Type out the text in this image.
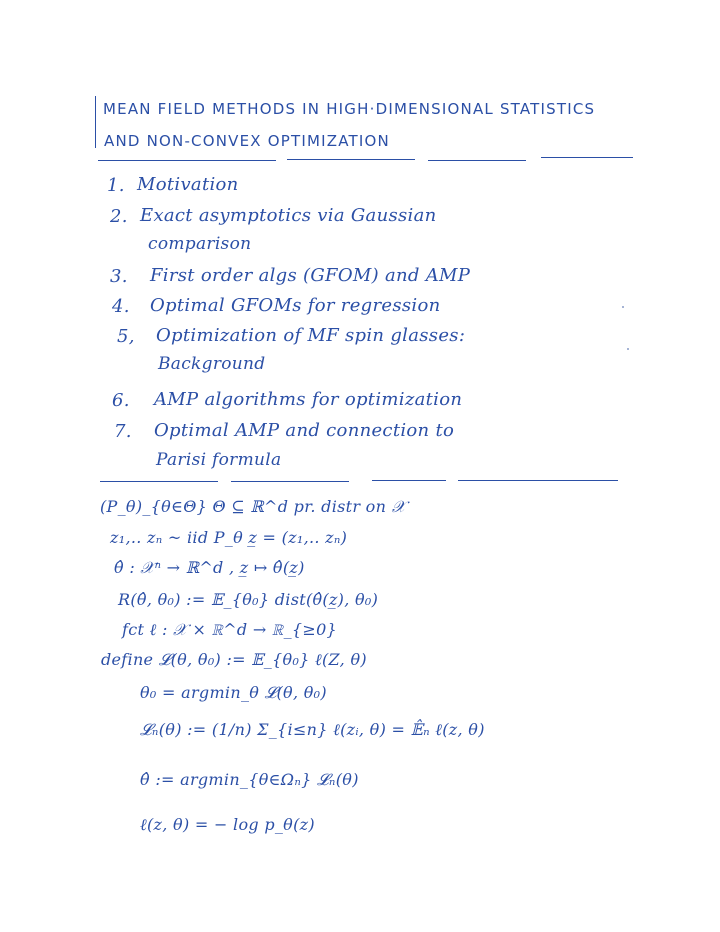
MEAN FIELD METHODS IN HIGH·DIMENSIONAL STATISTICS
AND NON-CONVEX OPTIMIZATION
1. Motivation
2. Exact asymptotics via Gaussian
comparison
3. First order algs (GFOM) and AMP
4. Optimal GFOMs for regression
5, Optimization of MF spin glasses:
Background
6. AMP algorithms for optimization
7. Optimal AMP and connection to
Parisi formula
(P_θ)_{θ∈Θ} Θ ⊆ ℝ^d pr. distr on 𝒳
z₁,.. zₙ ~ iid P_θ z̲ = (z₁,.. zₙ)
θ̂ : 𝒳ⁿ → ℝ^d , z̲ ↦ θ̂(z̲)
R(θ̂, θ₀) := 𝔼_{θ₀} dist(θ̂(z̲), θ₀)
fct ℓ : 𝒳 × ℝ^d → ℝ_{≥0}
define 𝓛(θ, θ₀) := 𝔼_{θ₀} ℓ(Z, θ)
θ₀ = argmin_θ 𝓛(θ, θ₀)
𝓛ₙ(θ) := (1/n) Σ_{i≤n} ℓ(zᵢ, θ) = 𝔼̂ₙ ℓ(z, θ)
θ̂ := argmin_{θ∈Ωₙ} 𝓛ₙ(θ)
ℓ(z, θ) = − log p_θ(z)
